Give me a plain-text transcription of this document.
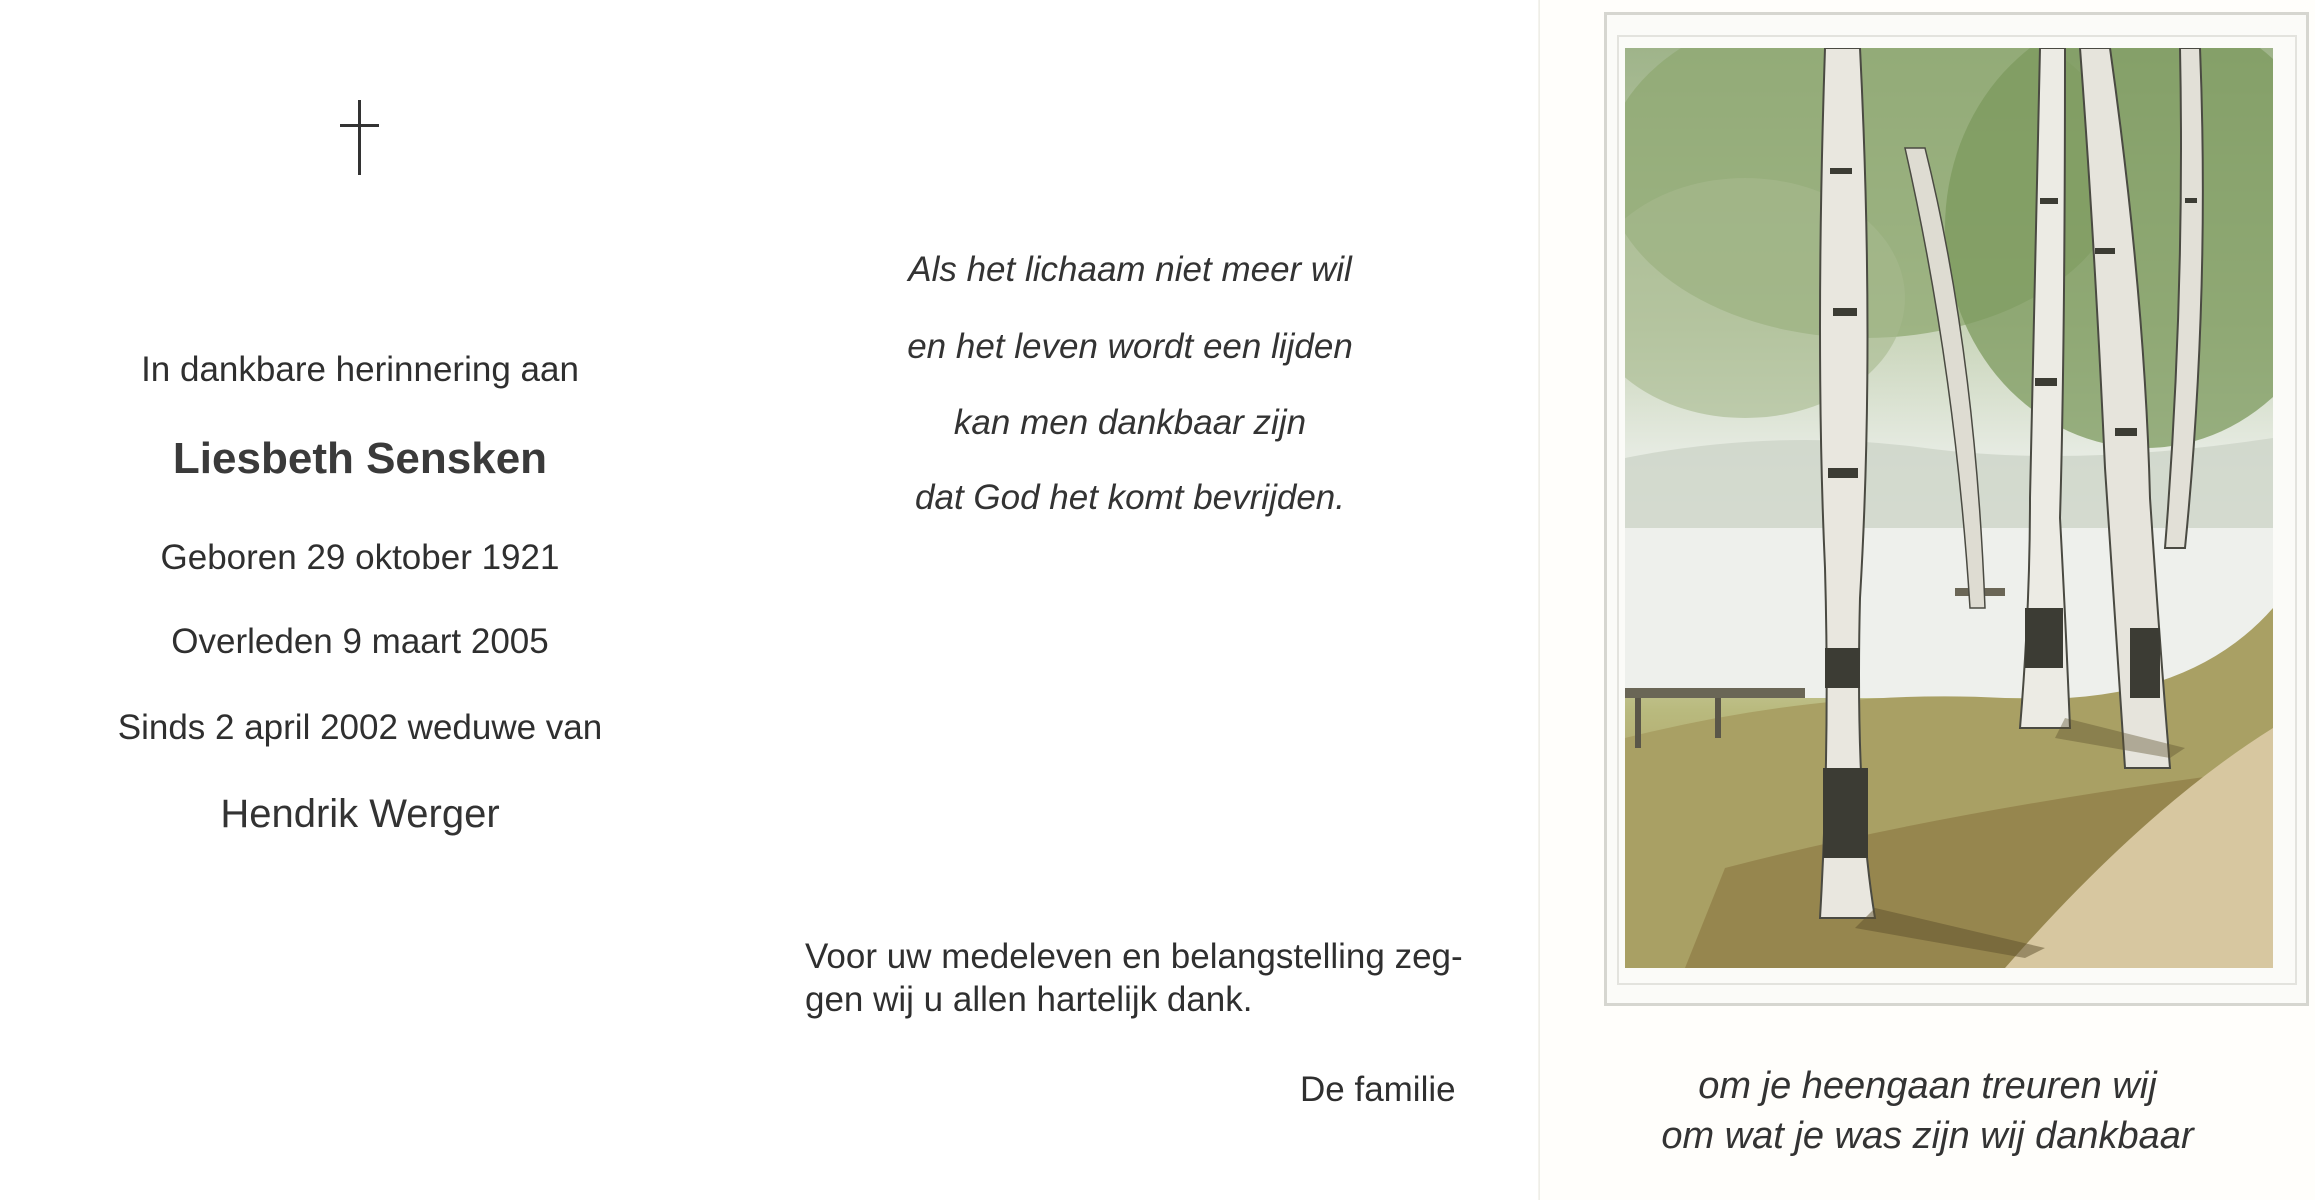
In dankbare herinnering aan
Liesbeth Sensken
Geboren 29 oktober 1921
Overleden 9 maart 2005
Sinds 2 april 2002 weduwe van
Hendrik Werger
Als het lichaam niet meer wil
en het leven wordt een lijden
kan men dankbaar zijn
dat God het komt bevrijden.
Voor uw medeleven en belangstelling zeg-
gen wij u allen hartelijk dank.
De familie	om je heengaan treuren wij
om wat je was zijn wij dankbaar
